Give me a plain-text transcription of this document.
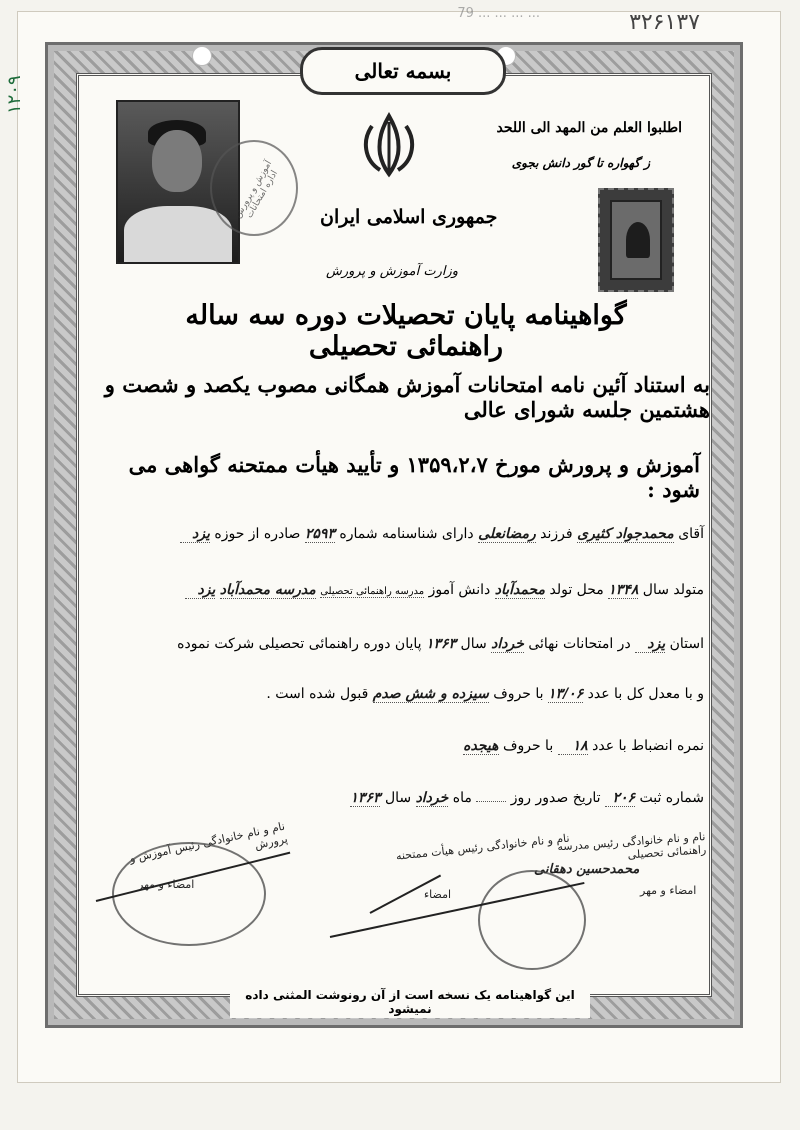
... ... ... ... 79	۳۲۶۱۳۷
۱۲۰۹
بسمه تعالی
آموزش و پرورش اداره امتحانات
اطلبوا العلم من المهد الی اللحد
ز گهواره تا گور دانش بجوی
جمهوری اسلامی ایران
وزارت آموزش و پرورش
گواهینامه پایان تحصیلات دوره سه ساله راهنمائی تحصیلی
به استناد آئین نامه امتحانات آموزش همگانی مصوب یکصد و شصت و هشتمین جلسه شورای عالی
آموزش و پرورش مورخ ۱۳۵۹،۲،۷ و تأیید هیأت ممتحنه گواهی می شود :
آقای محمدجواد کثیری فرزند رمضانعلی دارای شناسنامه شماره ۲۵۹۳ صادره از حوزه یزد
متولد سال ۱۳۴۸ محل تولد محمدآباد دانش آموز مدرسه راهنمائی تحصیلی مدرسه محمدآباد یزد
استان یزد در امتحانات نهائی خرداد سال ۱۳۶۳ پایان دوره راهنمائی تحصیلی شرکت نموده
و با معدل کل با عدد ۱۳/۰۶ با حروف سیزده و شش صدم قبول شده است .
نمره انضباط با عدد ۱۸ با حروف هیجده
شماره ثبت ۲۰۶ تاریخ صدور روز  ماه خرداد سال ۱۳۶۳
نام و نام خانوادگی رئیس آموزش و پرورش
امضاء و مهر
نام و نام خانوادگی رئیس هیأت ممتحنه
امضاء
نام و نام خانوادگی رئیس مدرسه راهنمائی تحصیلی
محمدحسین دهقانی
امضاء و مهر
این گواهینامه یک نسخه است از آن رونوشت المثنی داده نمیشود
